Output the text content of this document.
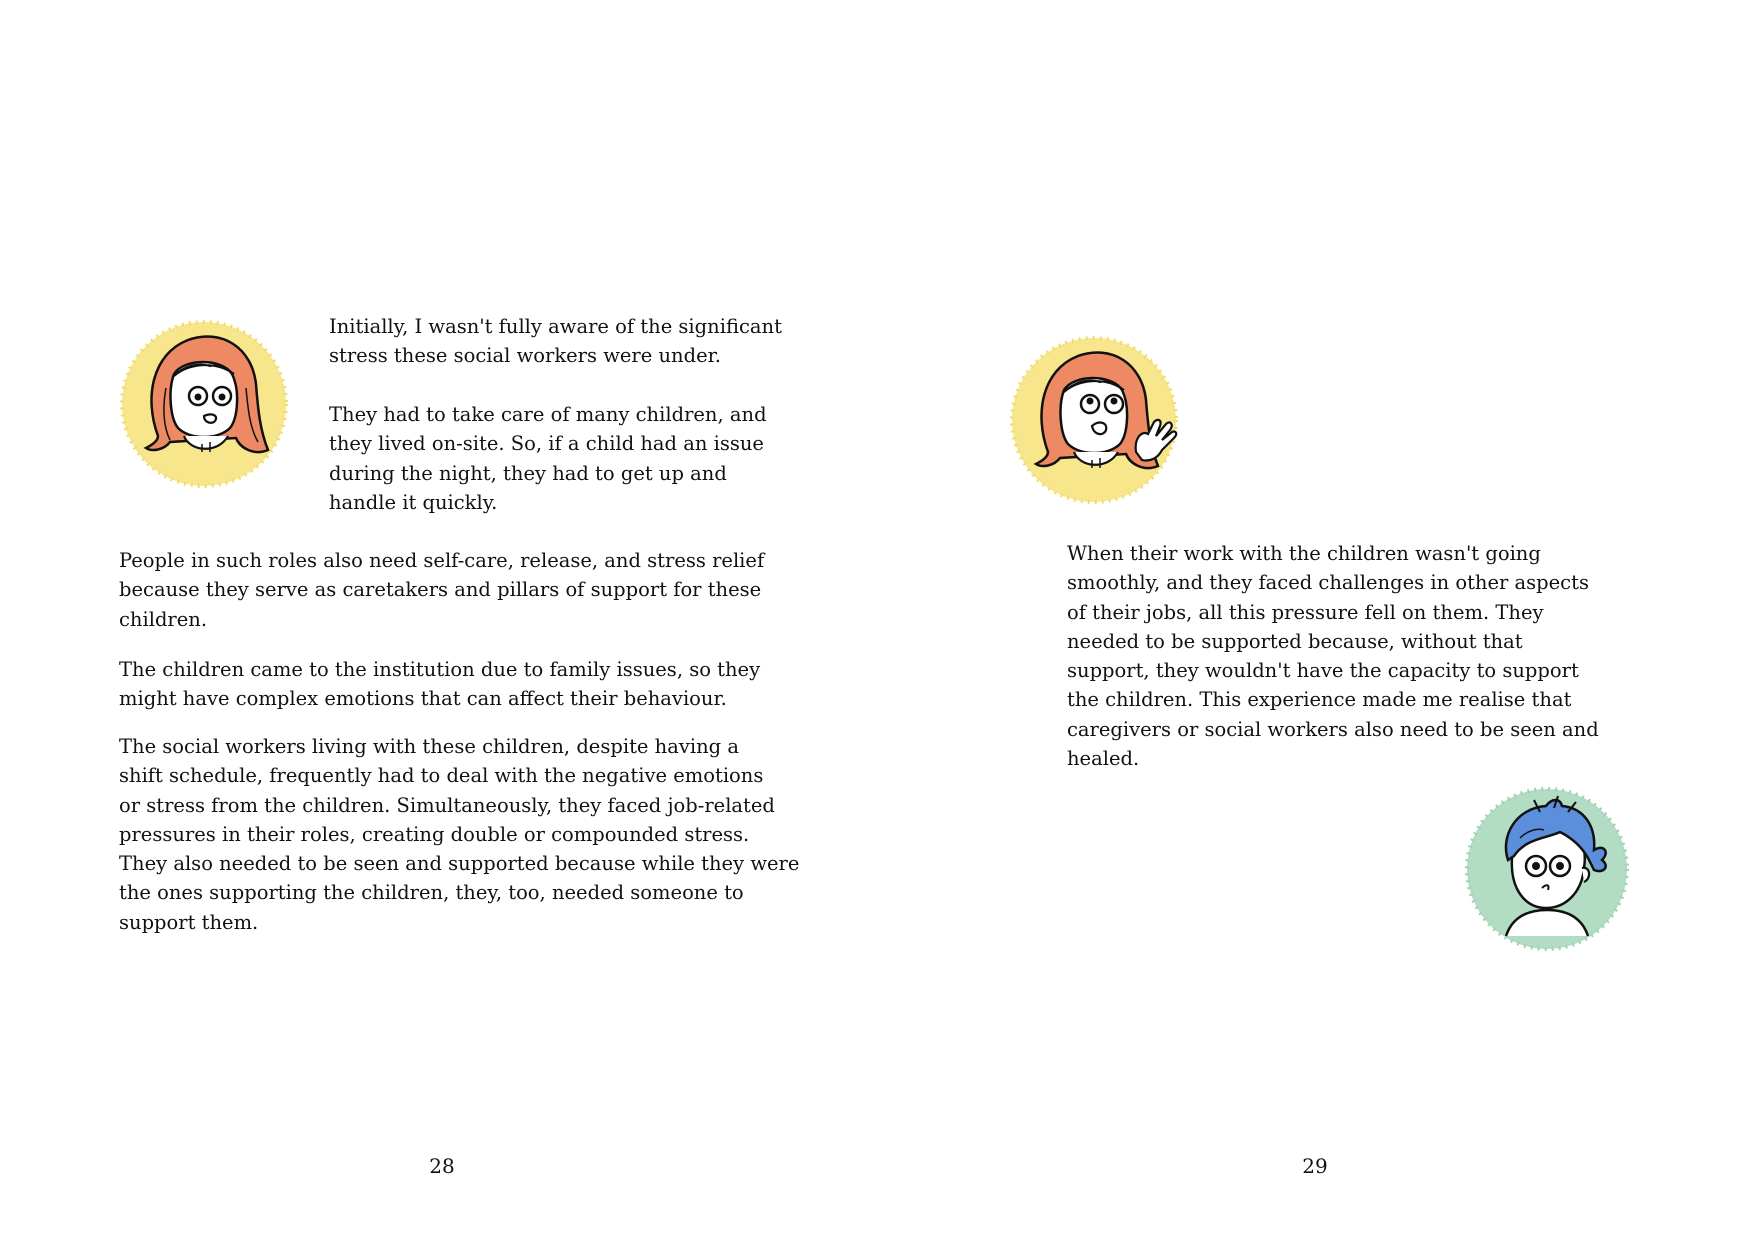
Initially, I wasn't fully aware of the significant
stress these social workers were under.

They had to take care of many children, and
they lived on-site. So, if a child had an issue
during the night, they had to get up and
handle it quickly.

People in such roles also need self-care, release, and stress relief
because they serve as caretakers and pillars of support for these
children.

The children came to the institution due to family issues, so they
might have complex emotions that can affect their behaviour.

The social workers living with these children, despite having a
shift schedule, frequently had to deal with the negative emotions
or stress from the children. Simultaneously, they faced job-related
pressures in their roles, creating double or compounded stress.
They also needed to be seen and supported because while they were
the ones supporting the children, they, too, needed someone to
support them.

28

When their work with the children wasn't going
smoothly, and they faced challenges in other aspects
of their jobs, all this pressure fell on them. They
needed to be supported because, without that
support, they wouldn't have the capacity to support
the children. This experience made me realise that
caregivers or social workers also need to be seen and
healed.

29
